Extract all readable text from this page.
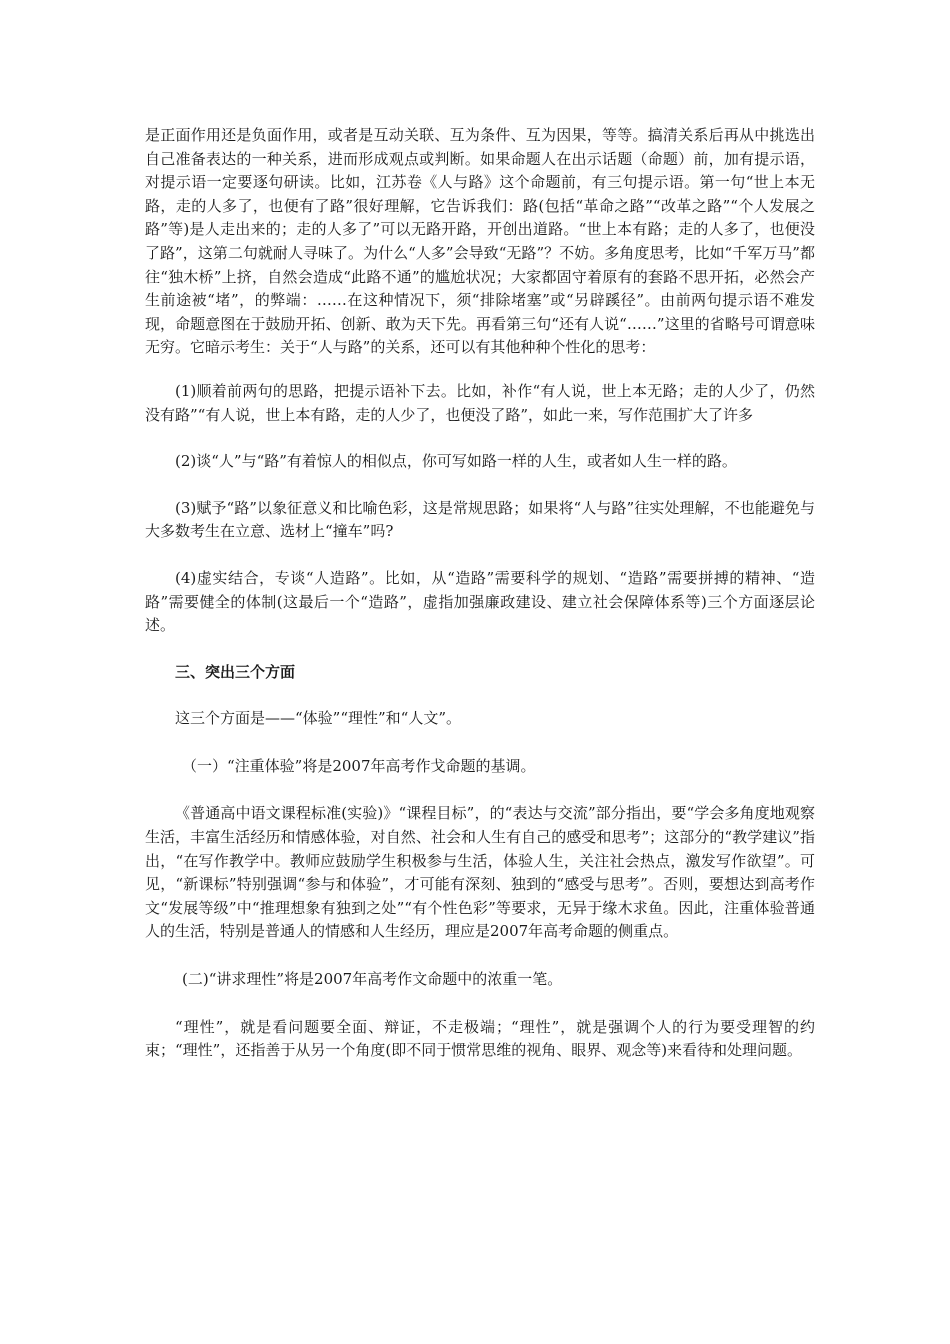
是正面作用还是负面作用，或者是互动关联、互为条件、互为因果，等等。搞清关系后再从中挑选出自己准备表达的一种关系，进而形成观点或判断。如果命题人在出示话题（命题）前，加有提示语，对提示语一定要逐句研读。比如，江苏卷《人与路》这个命题前，有三句提示语。第一句“世上本无路，走的人多了，也便有了路”很好理解，它告诉我们：路(包括“革命之路”“改革之路”“个人发展之路”等)是人走出来的；走的人多了”可以无路开路，开创出道路。“世上本有路；走的人多了，也便没了路”，这第二句就耐人寻味了。为什么“人多”会导致“无路”？不妨。多角度思考，比如“千军万马”都往“独木桥”上挤，自然会造成“此路不通”的尴尬状况；大家都固守着原有的套路不思开拓，必然会产生前途被“堵”，的弊端：……在这种情况下，须“排除堵塞”或“另辟蹊径”。由前两句提示语不难发现，命题意图在于鼓励开拓、创新、敢为天下先。再看第三句“还有人说“……”这里的省略号可谓意味无穷。它暗示考生：关于“人与路”的关系，还可以有其他种种个性化的思考：

(1)顺着前两句的思路，把提示语补下去。比如，补作“有人说，世上本无路；走的人少了，仍然没有路”“有人说，世上本有路，走的人少了，也便没了路”，如此一来，写作范围扩大了许多

(2)谈“人”与“路”有着惊人的相似点，你可写如路一样的人生，或者如人生一样的路。

(3)赋予“路”以象征意义和比喻色彩，这是常规思路；如果将“人与路”往实处理解，不也能避免与大多数考生在立意、选材上“撞车”吗?

(4)虚实结合，专谈“人造路”。比如，从“造路”需要科学的规划、“造路”需要拼搏的精神、“造路”需要健全的体制(这最后一个“造路”，虚指加强廉政建设、建立社会保障体系等)三个方面逐层论述。

三、突出三个方面

这三个方面是——“体验”“理性”和“人文”。

（一）“注重体验”将是2007年高考作戈命题的基调。

《普通高中语文课程标准(实验)》“课程目标”，的“表达与交流”部分指出，要“学会多角度地观察生活，丰富生活经历和情感体验，对自然、社会和人生有自己的感受和思考”；这部分的“教学建议”指出，“在写作教学中。教师应鼓励学生积极参与生活，体验人生，关注社会热点，激发写作欲望”。可见，“新课标”特别强调“参与和体验”，才可能有深刻、独到的“感受与思考”。否则，要想达到高考作文“发展等级”中“推理想象有独到之处”“有个性色彩”等要求，无异于缘木求鱼。因此，注重体验普通人的生活，特别是普通人的情感和人生经历，理应是2007年高考命题的侧重点。

(二)“讲求理性”将是2007年高考作文命题中的浓重一笔。

“理性”，就是看问题要全面、辩证，不走极端；“理性”，就是强调个人的行为要受理智的约束；“理性”，还指善于从另一个角度(即不同于惯常思维的视角、眼界、观念等)来看待和处理问题。
